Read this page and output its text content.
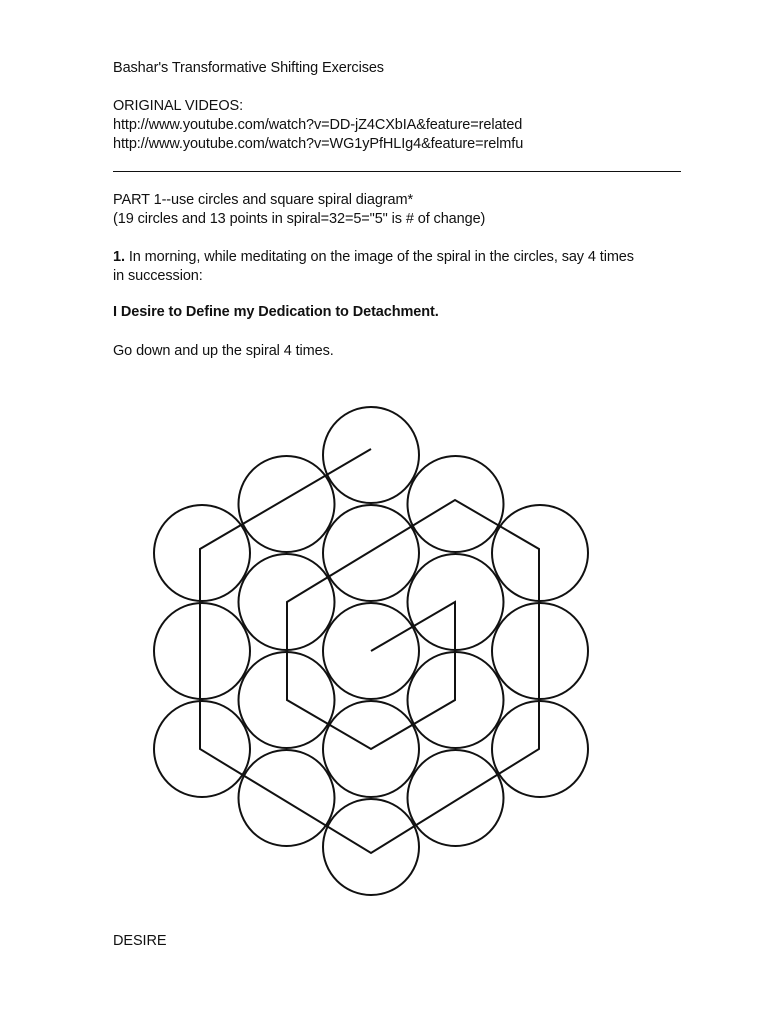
Bashar's Transformative Shifting Exercises
ORIGINAL VIDEOS:
http://www.youtube.com/watch?v=DD-jZ4CXbIA&feature=related
http://www.youtube.com/watch?v=WG1yPfHLIg4&feature=relmfu
PART 1--use circles and square spiral diagram*
(19 circles and 13 points in spiral=32=5="5" is # of change)
1. In morning, while meditating on the image of the spiral in the circles, say 4 times
in succession:
I Desire to Define my Dedication to Detachment.
Go down and up the spiral 4 times.
DESIRE
